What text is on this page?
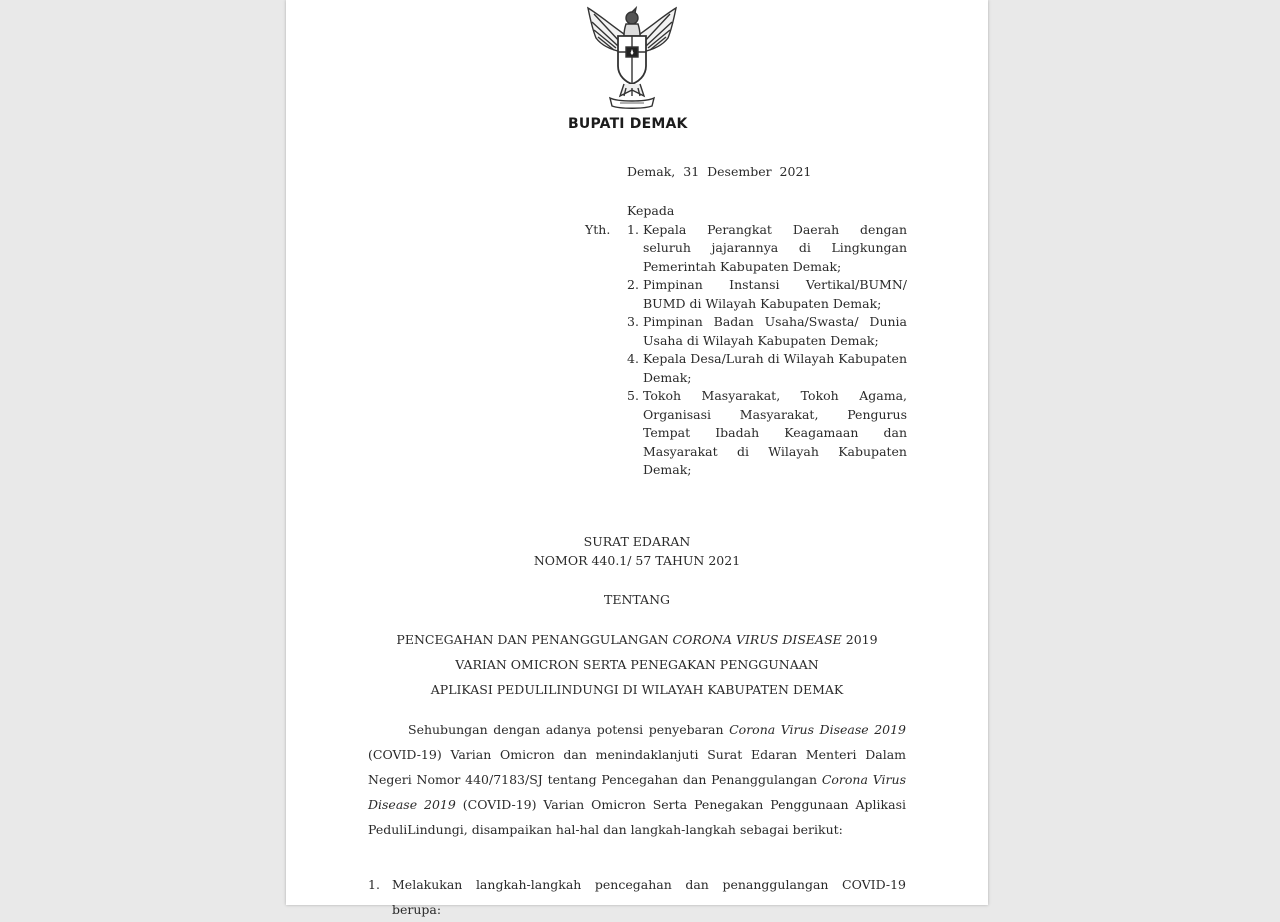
BUPATI DEMAK
Demak, 31 Desember 2021
Kepada
Yth.	1. Kepala Perangkat Daerah dengan seluruh jajarannya di Lingkungan Pemerintah Kabupaten Demak;
2. Pimpinan Instansi Vertikal/BUMN/ BUMD di Wilayah Kabupaten Demak;
3. Pimpinan Badan Usaha/Swasta/ Dunia Usaha di Wilayah Kabupaten Demak;
4. Kepala Desa/Lurah di Wilayah Kabupaten Demak;
5. Tokoh Masyarakat, Tokoh Agama, Organisasi Masyarakat, Pengurus Tempat Ibadah Keagamaan dan Masyarakat di Wilayah Kabupaten Demak;
SURAT EDARAN
NOMOR 440.1/ 57 TAHUN 2021
TENTANG
PENCEGAHAN DAN PENANGGULANGAN CORONA VIRUS DISEASE 2019
VARIAN OMICRON SERTA PENEGAKAN PENGGUNAAN
APLIKASI PEDULILINDUNGI DI WILAYAH KABUPATEN DEMAK
Sehubungan dengan adanya potensi penyebaran Corona Virus Disease 2019 (COVID-19) Varian Omicron dan menindaklanjuti Surat Edaran Menteri Dalam Negeri Nomor 440/7183/SJ tentang Pencegahan dan Penanggulangan Corona Virus Disease 2019 (COVID-19) Varian Omicron Serta Penegakan Penggunaan Aplikasi PeduliLindungi, disampaikan hal-hal dan langkah-langkah sebagai berikut:
1. Melakukan langkah-langkah pencegahan dan penanggulangan COVID-19 berupa:
